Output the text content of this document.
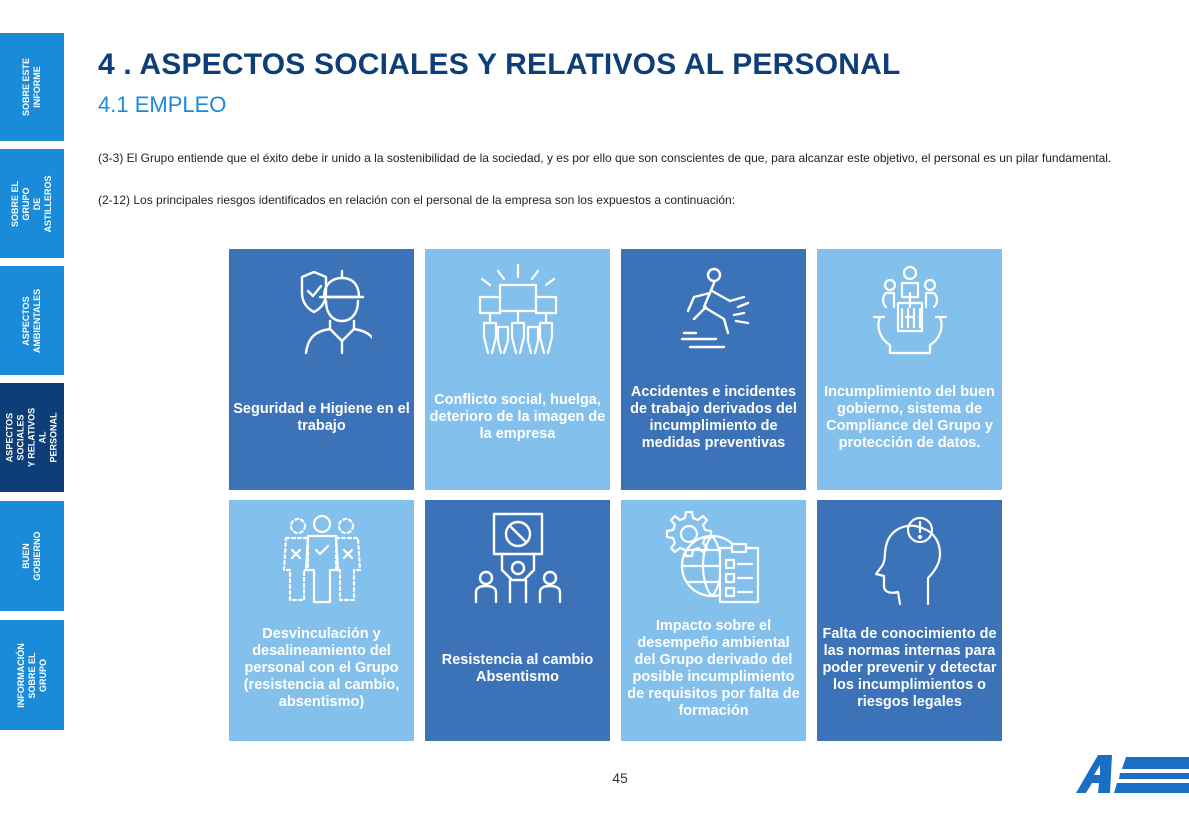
SOBRE ESTE
INFORME
SOBRE EL GRUPO
DE ASTILLEROS
ASPECTOS
AMBIENTALES
ASPECTOS SOCIALES
Y RELATIVOS AL
PERSONAL
BUEN
GOBIERNO
INFORMACIÓN
SOBRE EL GRUPO
4 . ASPECTOS SOCIALES Y RELATIVOS AL PERSONAL
4.1 EMPLEO

(3-3) El Grupo entiende que el éxito debe ir unido a la sostenibilidad de la sociedad, y es por ello que son conscientes de que, para alcanzar este objetivo, el personal es un pilar fundamental.

(2-12) Los principales riesgos identificados en relación con el personal de la empresa son los expuestos a continuación:

Seguridad e Higiene en el trabajo
Conflicto social, huelga, deterioro de la imagen de la empresa
Accidentes e incidentes de trabajo derivados del incumplimiento de medidas preventivas
Incumplimiento del buen gobierno, sistema de Compliance del Grupo y protección de datos.
Desvinculación y desalineamiento del personal con el Grupo (resistencia al cambio, absentismo)
Resistencia al cambio Absentismo
Impacto sobre el desempeño ambiental del Grupo derivado del posible incumplimiento de requisitos por falta de formación
Falta de conocimiento de las normas internas para poder prevenir y detectar los incumplimientos o riesgos legales
45
